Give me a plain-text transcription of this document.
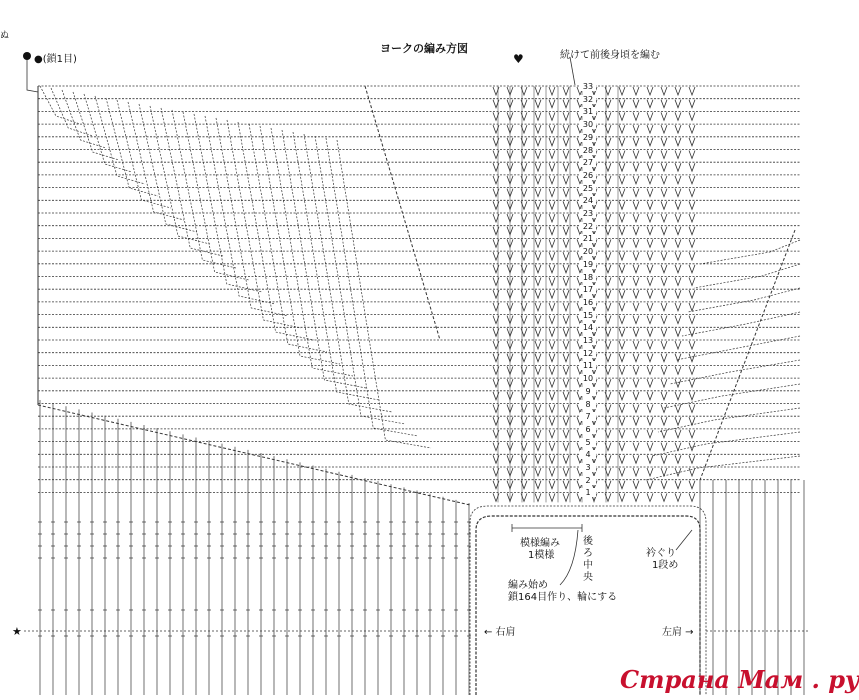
ぬ
ヨークの編み方図
●(鎖1目)	♥	続けて前後身頃を編む
33
32
31
30
29
28
27
26
25
24
23
22
21
20
19
18
17
16
15
14
13
12
11
10
9
8
7
6
5
4
3
2
1
模様編み
1模様
後
ろ
中
央
衿ぐり
1段め
編み始め
鎖164目作り、輪にする
← 右肩	左肩 →
★
Страна Мам . ру
